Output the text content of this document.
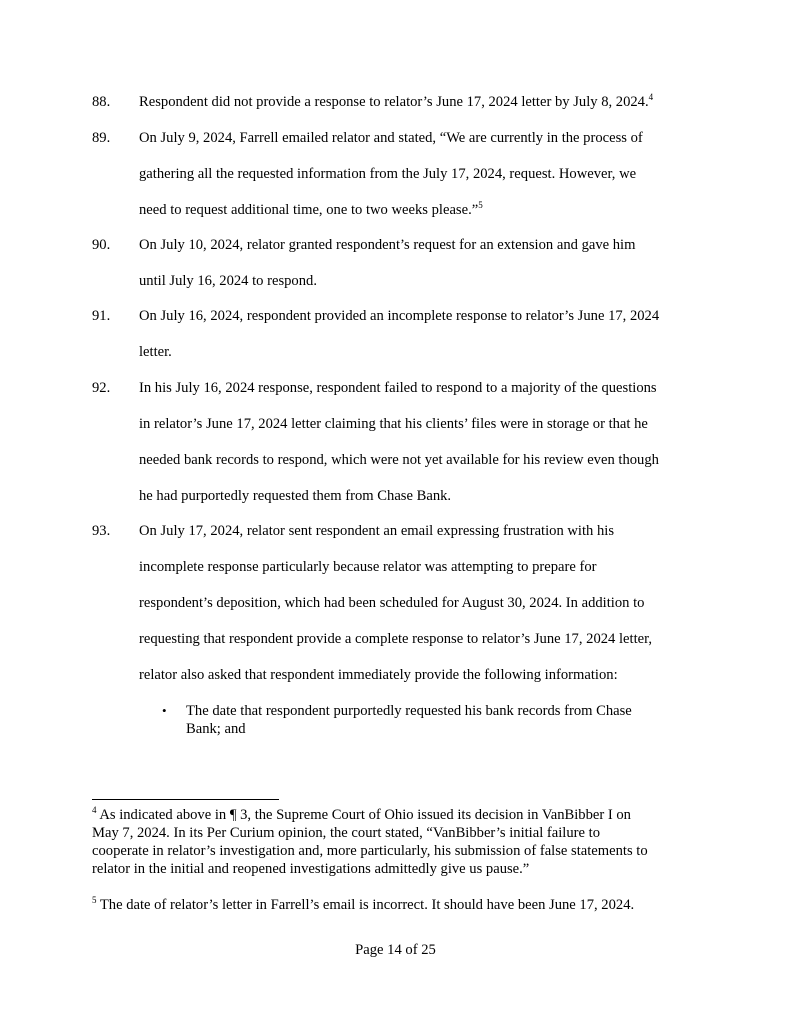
88. Respondent did not provide a response to relator’s June 17, 2024 letter by July 8, 2024.$^4$
89. On July 9, 2024, Farrell emailed relator and stated, “We are currently in the process of
gathering all the requested information from the July 17, 2024, request. However, we
need to request additional time, one to two weeks please.”$^5$
90. On July 10, 2024, relator granted respondent’s request for an extension and gave him
until July 16, 2024 to respond.
91. On July 16, 2024, respondent provided an incomplete response to relator’s June 17, 2024
letter.
92. In his July 16, 2024 response, respondent failed to respond to a majority of the questions
in relator’s June 17, 2024 letter claiming that his clients’ files were in storage or that he
needed bank records to respond, which were not yet available for his review even though
he had purportedly requested them from Chase Bank.
93. On July 17, 2024, relator sent respondent an email expressing frustration with his
incomplete response particularly because relator was attempting to prepare for
respondent’s deposition, which had been scheduled for August 30, 2024. In addition to
requesting that respondent provide a complete response to relator’s June 17, 2024 letter,
relator also asked that respondent immediately provide the following information:
• The date that respondent purportedly requested his bank records from Chase
Bank; and
$^4$ As indicated above in ¶ 3, the Supreme Court of Ohio issued its decision in VanBibber I on
May 7, 2024. In its Per Curium opinion, the court stated, “VanBibber’s initial failure to
cooperate in relator’s investigation and, more particularly, his submission of false statements to
relator in the initial and reopened investigations admittedly give us pause.”
$^5$ The date of relator’s letter in Farrell’s email is incorrect. It should have been June 17, 2024.
Page 14 of 25
